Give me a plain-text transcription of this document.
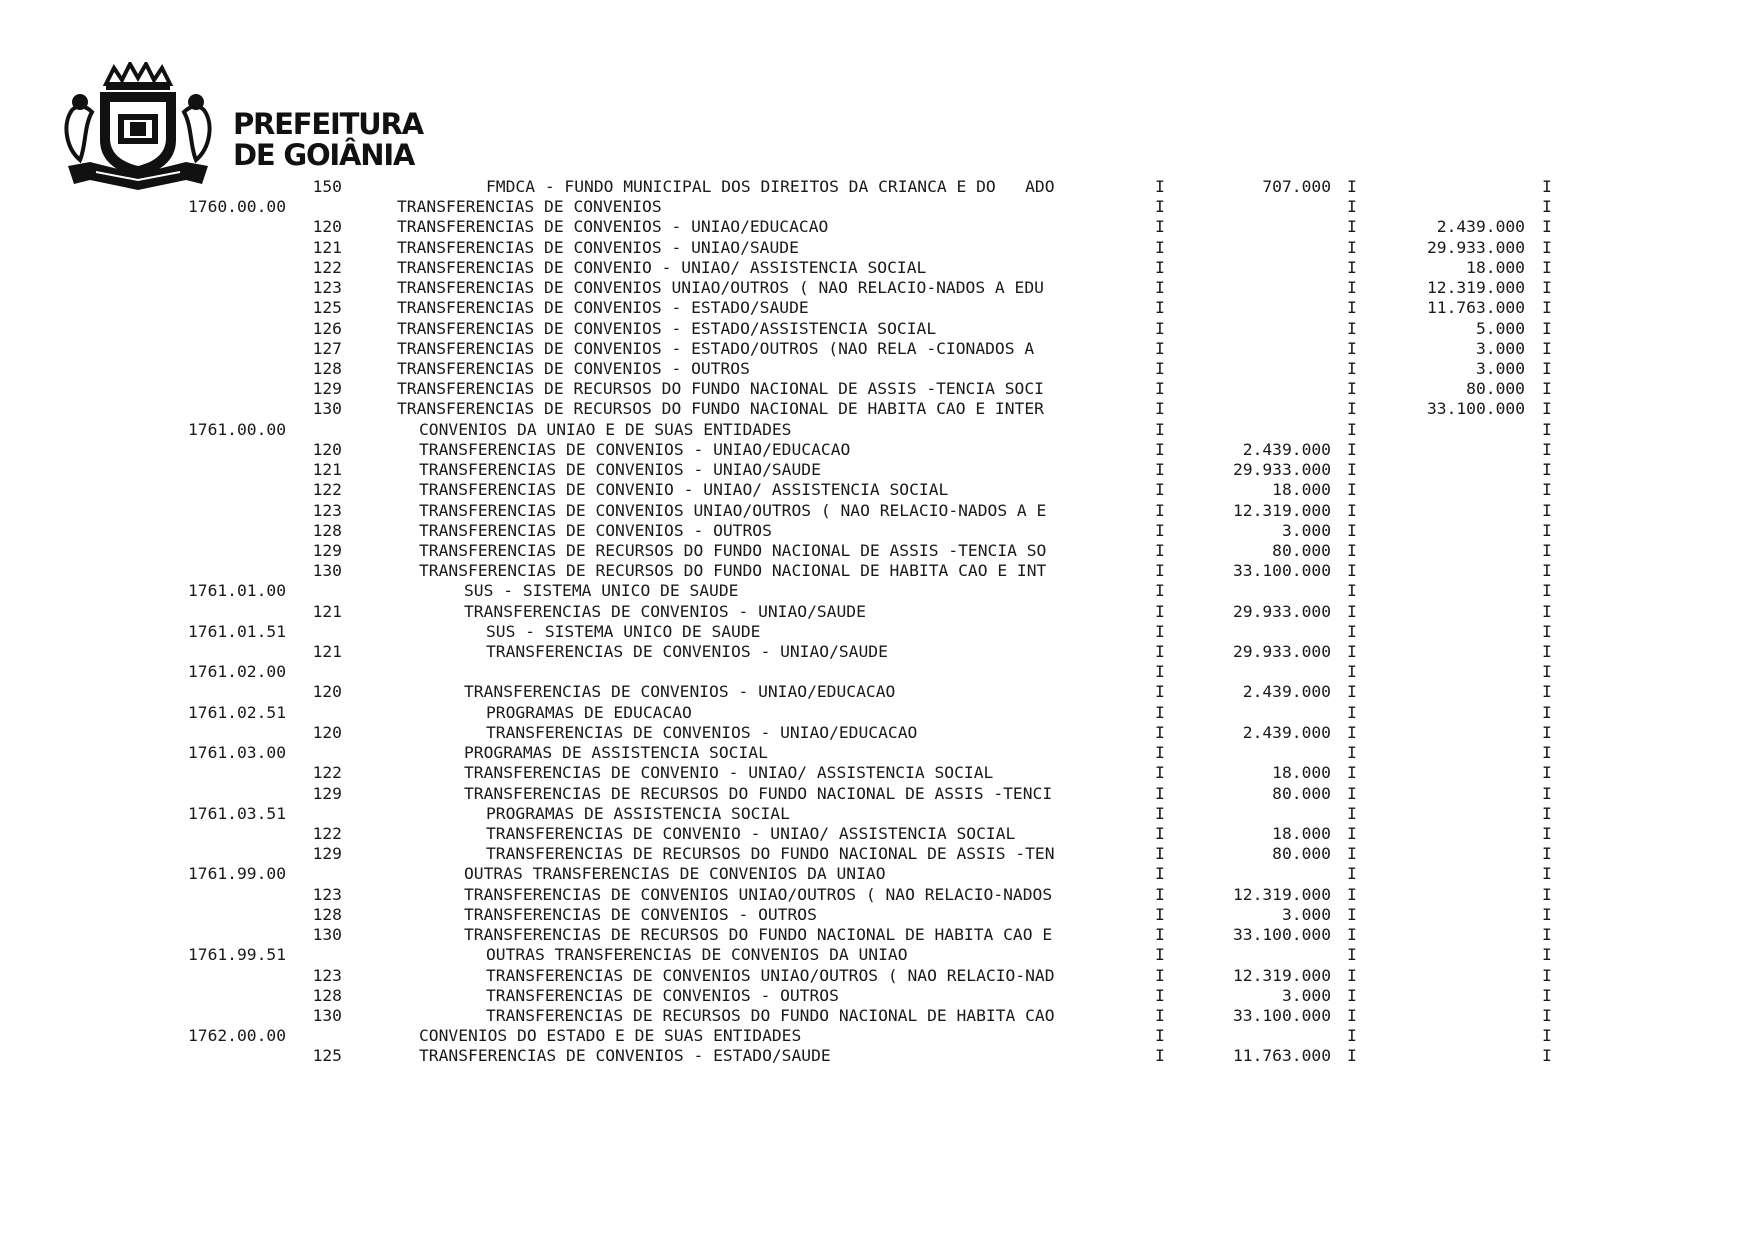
PREFEITURA
DE GOIÂNIA
150	FMDCA - FUNDO MUNICIPAL DOS DIREITOS DA CRIANCA E DO   ADO	I	707.000 I	I
1760.00.00	TRANSFERENCIAS DE CONVENIOS	I	I	I
120	TRANSFERENCIAS DE CONVENIOS - UNIAO/EDUCACAO	I	I	2.439.000 I
121	TRANSFERENCIAS DE CONVENIOS - UNIAO/SAUDE	I	I	29.933.000 I
122	TRANSFERENCIAS DE CONVENIO - UNIAO/ ASSISTENCIA SOCIAL	I	I	18.000 I
123	TRANSFERENCIAS DE CONVENIOS UNIAO/OUTROS ( NAO RELACIO-NADOS A EDU	I	I	12.319.000 I
125	TRANSFERENCIAS DE CONVENIOS - ESTADO/SAUDE	I	I	11.763.000 I
126	TRANSFERENCIAS DE CONVENIOS - ESTADO/ASSISTENCIA SOCIAL	I	I	5.000 I
127	TRANSFERENCIAS DE CONVENIOS - ESTADO/OUTROS (NAO RELA -CIONADOS A	I	I	3.000 I
128	TRANSFERENCIAS DE CONVENIOS - OUTROS	I	I	3.000 I
129	TRANSFERENCIAS DE RECURSOS DO FUNDO NACIONAL DE ASSIS -TENCIA SOCI	I	I	80.000 I
130	TRANSFERENCIAS DE RECURSOS DO FUNDO NACIONAL DE HABITA CAO E INTER	I	I	33.100.000 I
1761.00.00	CONVENIOS DA UNIAO E DE SUAS ENTIDADES	I	I	I
120	TRANSFERENCIAS DE CONVENIOS - UNIAO/EDUCACAO	I	2.439.000 I	I
121	TRANSFERENCIAS DE CONVENIOS - UNIAO/SAUDE	I	29.933.000 I	I
122	TRANSFERENCIAS DE CONVENIO - UNIAO/ ASSISTENCIA SOCIAL	I	18.000 I	I
123	TRANSFERENCIAS DE CONVENIOS UNIAO/OUTROS ( NAO RELACIO-NADOS A E	I	12.319.000 I	I
128	TRANSFERENCIAS DE CONVENIOS - OUTROS	I	3.000 I	I
129	TRANSFERENCIAS DE RECURSOS DO FUNDO NACIONAL DE ASSIS -TENCIA SO	I	80.000 I	I
130	TRANSFERENCIAS DE RECURSOS DO FUNDO NACIONAL DE HABITA CAO E INT	I	33.100.000 I	I
1761.01.00	SUS - SISTEMA UNICO DE SAUDE	I	I	I
121	TRANSFERENCIAS DE CONVENIOS - UNIAO/SAUDE	I	29.933.000 I	I
1761.01.51	SUS - SISTEMA UNICO DE SAUDE	I	I	I
121	TRANSFERENCIAS DE CONVENIOS - UNIAO/SAUDE	I	29.933.000 I	I
1761.02.00	I	I	I
120	TRANSFERENCIAS DE CONVENIOS - UNIAO/EDUCACAO	I	2.439.000 I	I
1761.02.51	PROGRAMAS DE EDUCACAO	I	I	I
120	TRANSFERENCIAS DE CONVENIOS - UNIAO/EDUCACAO	I	2.439.000 I	I
1761.03.00	PROGRAMAS DE ASSISTENCIA SOCIAL	I	I	I
122	TRANSFERENCIAS DE CONVENIO - UNIAO/ ASSISTENCIA SOCIAL	I	18.000 I	I
129	TRANSFERENCIAS DE RECURSOS DO FUNDO NACIONAL DE ASSIS -TENCI	I	80.000 I	I
1761.03.51	PROGRAMAS DE ASSISTENCIA SOCIAL	I	I	I
122	TRANSFERENCIAS DE CONVENIO - UNIAO/ ASSISTENCIA SOCIAL	I	18.000 I	I
129	TRANSFERENCIAS DE RECURSOS DO FUNDO NACIONAL DE ASSIS -TEN	I	80.000 I	I
1761.99.00	OUTRAS TRANSFERENCIAS DE CONVENIOS DA UNIAO	I	I	I
123	TRANSFERENCIAS DE CONVENIOS UNIAO/OUTROS ( NAO RELACIO-NADOS	I	12.319.000 I	I
128	TRANSFERENCIAS DE CONVENIOS - OUTROS	I	3.000 I	I
130	TRANSFERENCIAS DE RECURSOS DO FUNDO NACIONAL DE HABITA CAO E	I	33.100.000 I	I
1761.99.51	OUTRAS TRANSFERENCIAS DE CONVENIOS DA UNIAO	I	I	I
123	TRANSFERENCIAS DE CONVENIOS UNIAO/OUTROS ( NAO RELACIO-NAD	I	12.319.000 I	I
128	TRANSFERENCIAS DE CONVENIOS - OUTROS	I	3.000 I	I
130	TRANSFERENCIAS DE RECURSOS DO FUNDO NACIONAL DE HABITA CAO	I	33.100.000 I	I
1762.00.00	CONVENIOS DO ESTADO E DE SUAS ENTIDADES	I	I	I
125	TRANSFERENCIAS DE CONVENIOS - ESTADO/SAUDE	I	11.763.000 I	I
